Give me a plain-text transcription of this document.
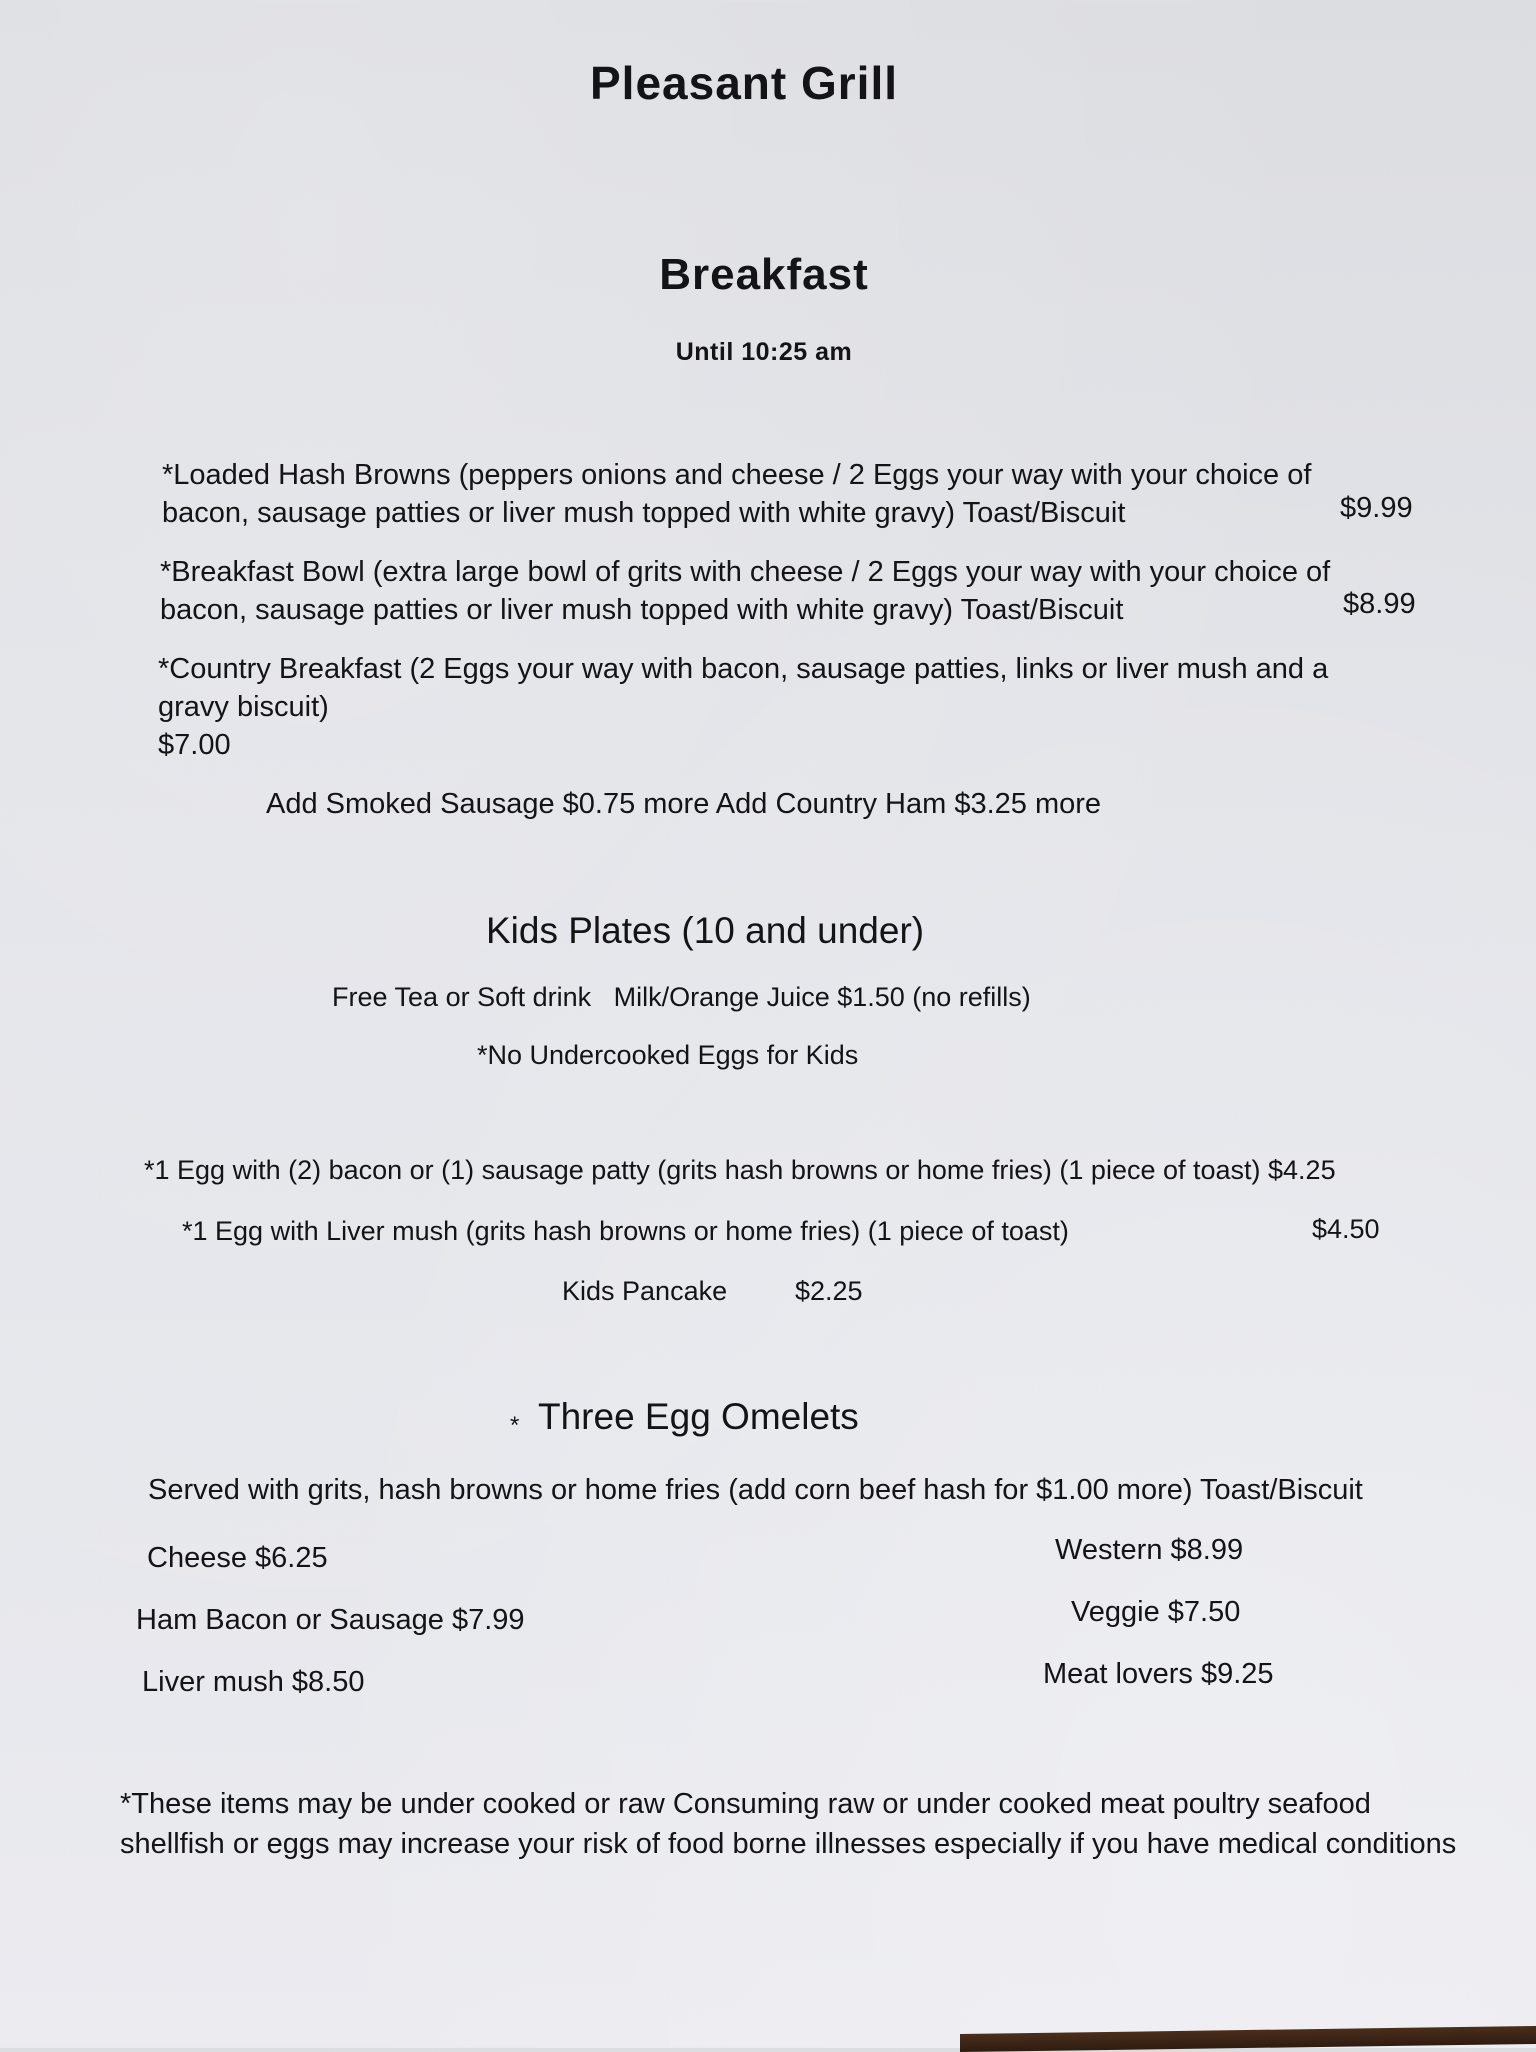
Pleasant Grill
Breakfast
Until 10:25 am
*Loaded Hash Browns (peppers onions and cheese / 2 Eggs your way with your choice of
bacon, sausage patties or liver mush topped with white gravy) Toast/Biscuit	$9.99
*Breakfast Bowl (extra large bowl of grits with cheese / 2 Eggs your way with your choice of
bacon, sausage patties or liver mush topped with white gravy) Toast/Biscuit	$8.99
*Country Breakfast (2 Eggs your way with bacon, sausage patties, links or liver mush and a
gravy biscuit)
$7.00
Add Smoked Sausage $0.75 more Add Country Ham $3.25 more
Kids Plates (10 and under)
Free Tea or Soft drink   Milk/Orange Juice $1.50 (no refills)
*No Undercooked Eggs for Kids
*1 Egg with (2) bacon or (1) sausage patty (grits hash browns or home fries) (1 piece of toast) $4.25
*1 Egg with Liver mush (grits hash browns or home fries) (1 piece of toast)	$4.50
Kids Pancake	$2.25
* Three Egg Omelets
Served with grits, hash browns or home fries (add corn beef hash for $1.00 more) Toast/Biscuit
Cheese $6.25
Ham Bacon or Sausage $7.99
Liver mush $8.50
Western $8.99
Veggie $7.50
Meat lovers $9.25
*These items may be under cooked or raw Consuming raw or under cooked meat poultry seafood
shellfish or eggs may increase your risk of food borne illnesses especially if you have medical conditions
